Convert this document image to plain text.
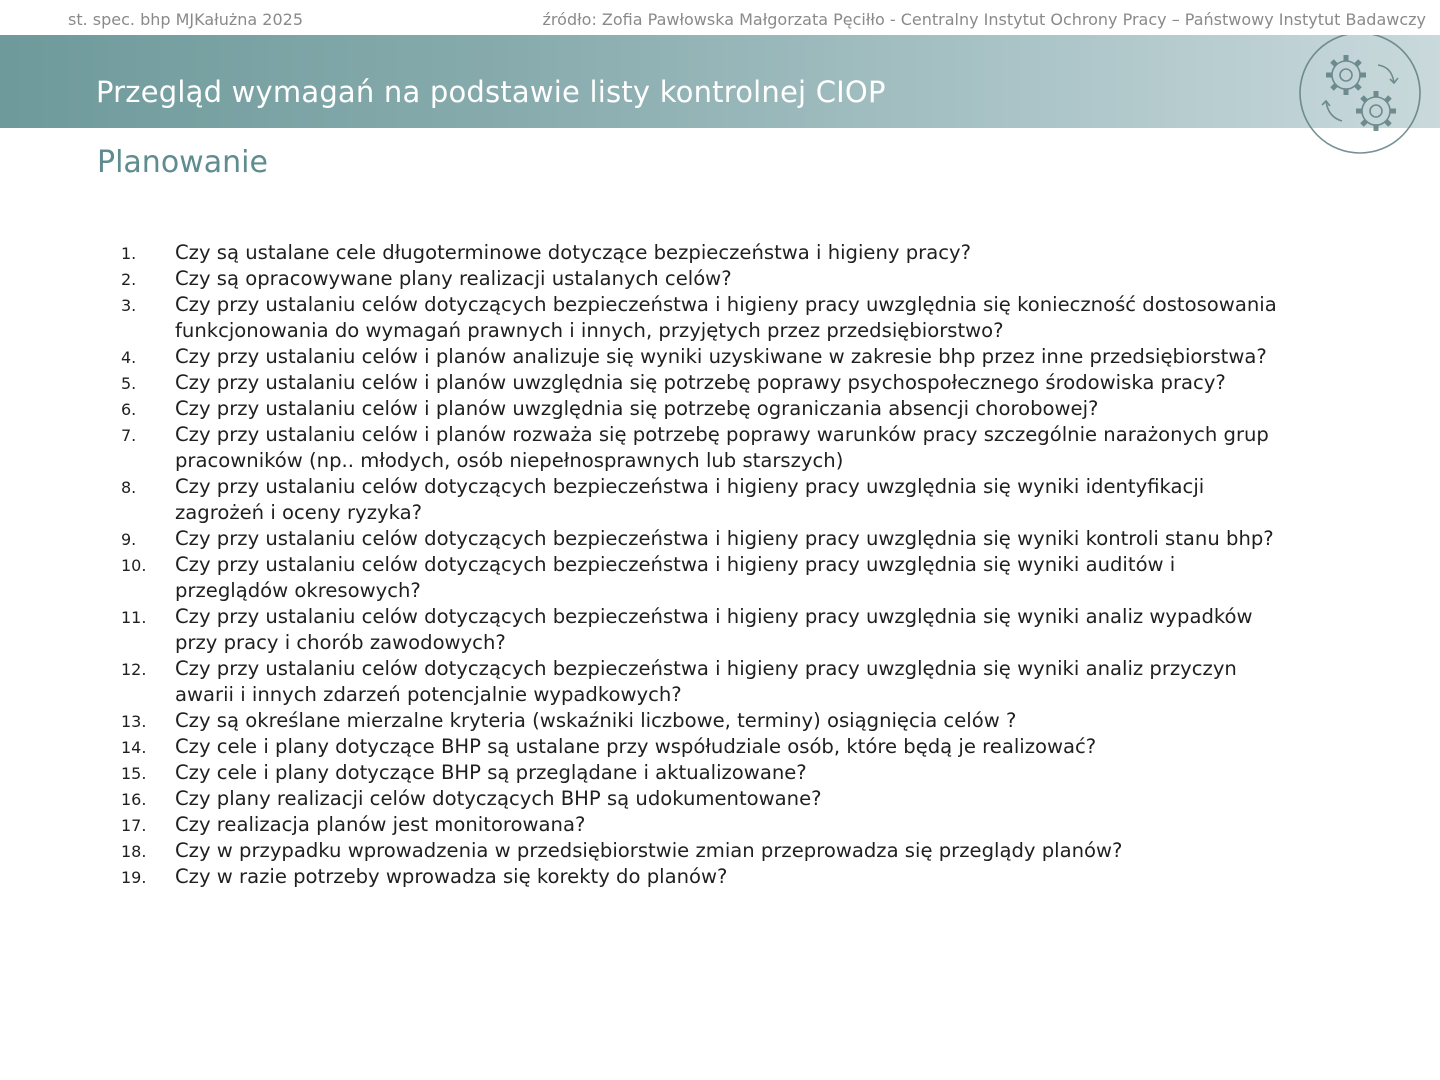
st. spec. bhp MJKałużna 2025	źródło: Zofia Pawłowska Małgorzata Pęciłło - Centralny Instytut Ochrony Pracy – Państwowy Instytut Badawczy
Przegląd wymagań na podstawie listy kontrolnej CIOP
Planowanie
1. Czy są ustalane cele długoterminowe dotyczące bezpieczeństwa i higieny pracy?
2. Czy są opracowywane plany realizacji ustalanych celów?
3. Czy przy ustalaniu celów dotyczących bezpieczeństwa i higieny pracy uwzględnia się konieczność dostosowania funkcjonowania do wymagań prawnych i innych, przyjętych przez przedsiębiorstwo?
4. Czy przy ustalaniu celów i planów analizuje się wyniki uzyskiwane w zakresie bhp przez inne przedsiębiorstwa?
5. Czy przy ustalaniu celów i planów uwzględnia się potrzebę poprawy psychospołecznego środowiska pracy?
6. Czy przy ustalaniu celów i planów uwzględnia się potrzebę ograniczania absencji chorobowej?
7. Czy przy ustalaniu celów i planów rozważa się potrzebę poprawy warunków pracy szczególnie narażonych grup pracowników (np.. młodych, osób niepełnosprawnych lub starszych)
8. Czy przy ustalaniu celów dotyczących bezpieczeństwa i higieny pracy uwzględnia się wyniki identyfikacji zagrożeń i oceny ryzyka?
9. Czy przy ustalaniu celów dotyczących bezpieczeństwa i higieny pracy uwzględnia się wyniki kontroli stanu bhp?
10. Czy przy ustalaniu celów dotyczących bezpieczeństwa i higieny pracy uwzględnia się wyniki auditów i przeglądów okresowych?
11. Czy przy ustalaniu celów dotyczących bezpieczeństwa i higieny pracy uwzględnia się wyniki analiz wypadków przy pracy i chorób zawodowych?
12. Czy przy ustalaniu celów dotyczących bezpieczeństwa i higieny pracy uwzględnia się wyniki analiz przyczyn awarii i innych zdarzeń potencjalnie wypadkowych?
13. Czy są określane mierzalne kryteria (wskaźniki liczbowe, terminy) osiągnięcia celów ?
14. Czy cele i plany dotyczące BHP są ustalane przy współudziale osób, które będą je realizować?
15. Czy cele i plany dotyczące BHP są przeglądane i aktualizowane?
16. Czy plany realizacji celów dotyczących BHP są udokumentowane?
17. Czy realizacja planów jest monitorowana?
18. Czy w przypadku wprowadzenia w przedsiębiorstwie zmian przeprowadza się przeglądy planów?
19. Czy w razie potrzeby wprowadza się korekty do planów?
